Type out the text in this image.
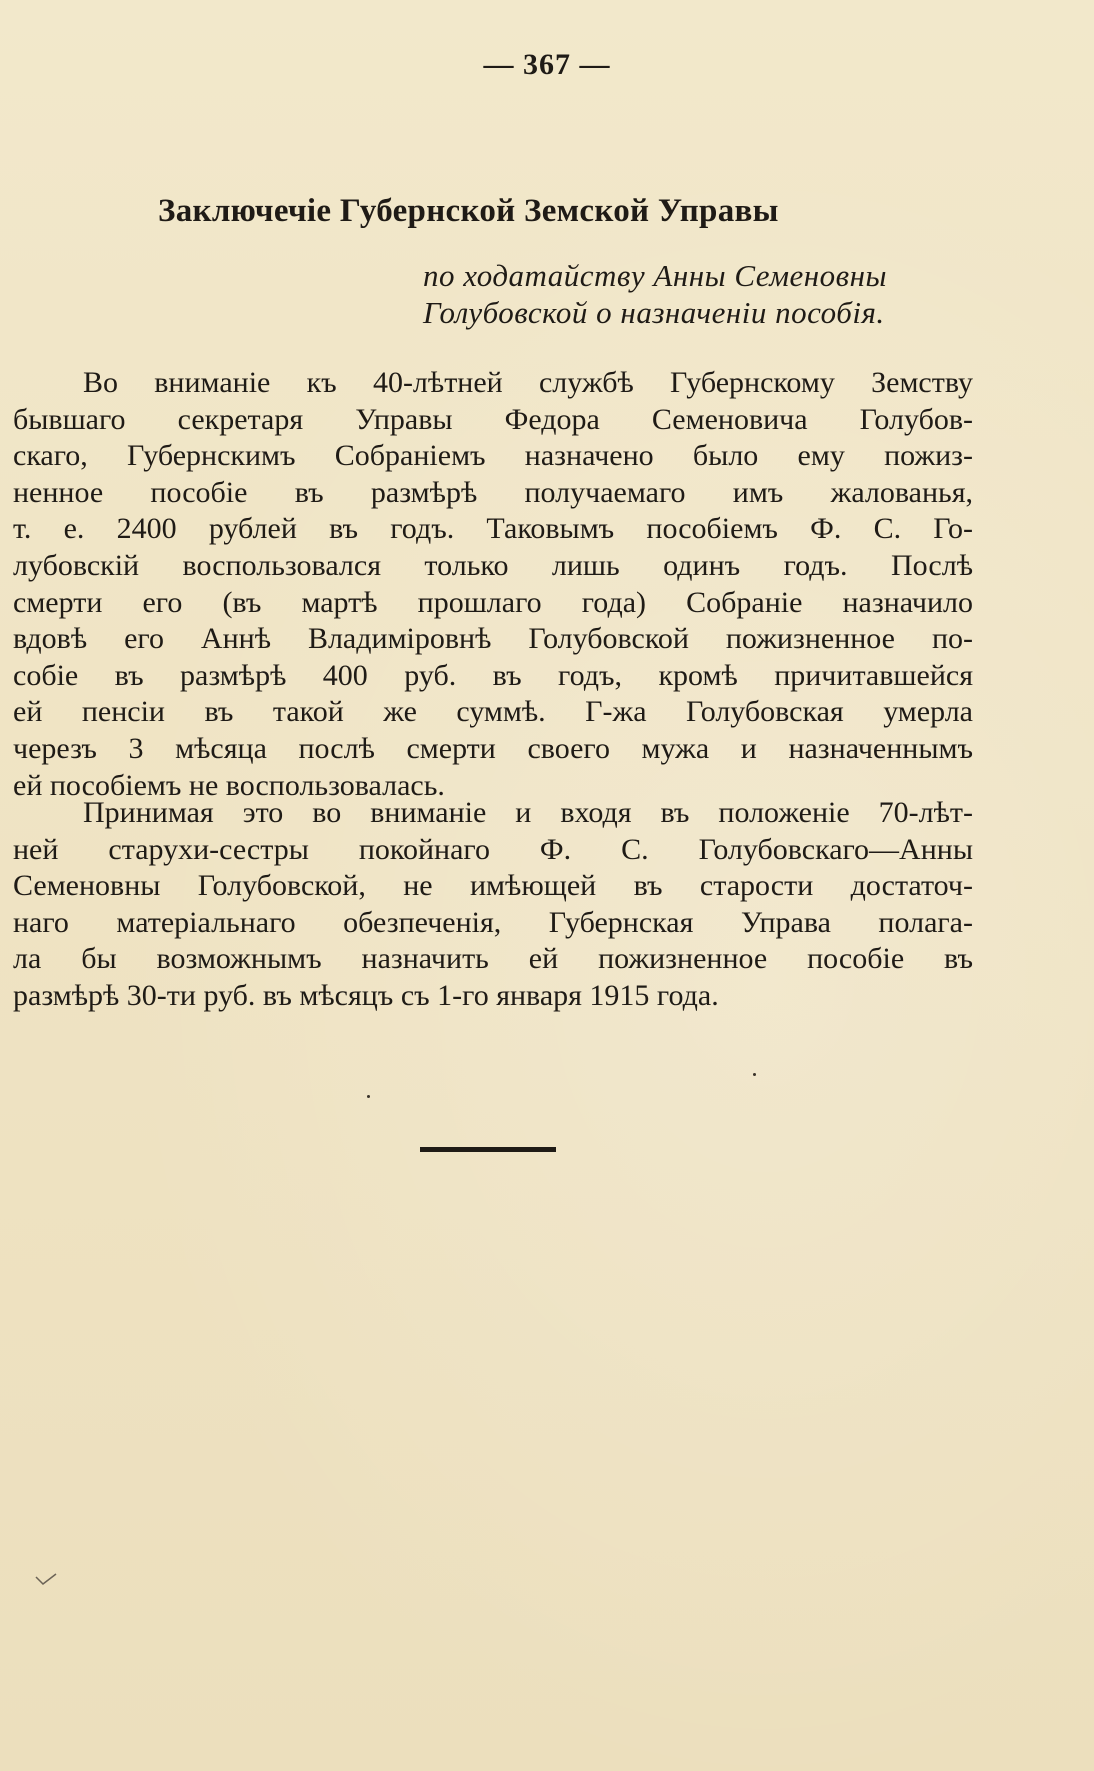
— 367 —
Заключечіе Губернской Земской Управы
по ходатайству Анны Семеновны
Голубовской о назначенiи пособія.
Во вниманіе къ 40-лѣтней службѣ Губернскому Земству
бывшаго секретаря Управы Федора Семеновича Голубов-
скаго, Губернскимъ Собраніемъ назначено было ему пожиз-
ненное пособіе въ размѣрѣ получаемаго имъ жалованья,
т. е. 2400 рублей въ годъ. Таковымъ пособіемъ Ф. С. Го-
лубовскій воспользовался только лишь одинъ годъ. Послѣ
смерти его (въ мартѣ прошлаго года) Собраніе назначило
вдовѣ его Аннѣ Владиміровнѣ Голубовской пожизненное по-
собіе въ размѣрѣ 400 руб. въ годъ, кромѣ причитавшейся
ей пенсіи въ такой же суммѣ. Г-жа Голубовская умерла
черезъ 3 мѣсяца послѣ смерти своего мужа и назначеннымъ
ей пособіемъ не воспользовалась.
Принимая это во вниманіе и входя въ положеніе 70-лѣт-
ней старухи-сестры покойнаго Ф. С. Голубовскаго—Анны
Семеновны Голубовской, не имѣющей въ старости достаточ-
наго матеріальнаго обезпеченія, Губернская Управа полага-
ла бы возможнымъ назначить ей пожизненное пособіе въ
размѣрѣ 30-ти руб. въ мѣсяцъ съ 1-го января 1915 года.
